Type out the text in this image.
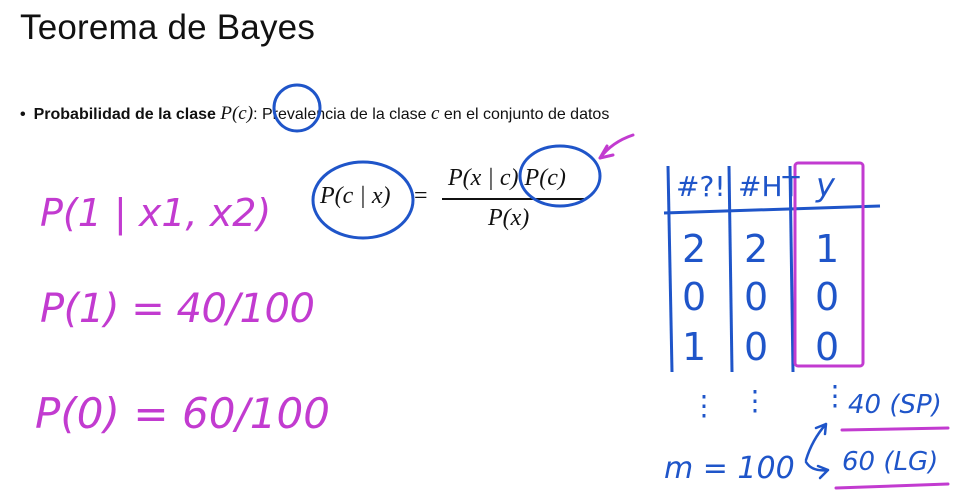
Teorema de Bayes
• Probabilidad de la clase P(c): Prevalencia de la clase c en el conjunto de datos
P(c | x) =
P(x | c) P(c)
P(x)
P(1 | x1, x2)
P(1) = 40/100
P(0) = 60/100
#?! #HT y
2 2 1
0 0 0
1 0 0
⋮ ⋮ ⋮
m = 100
40 (SP)
60 (LG)
